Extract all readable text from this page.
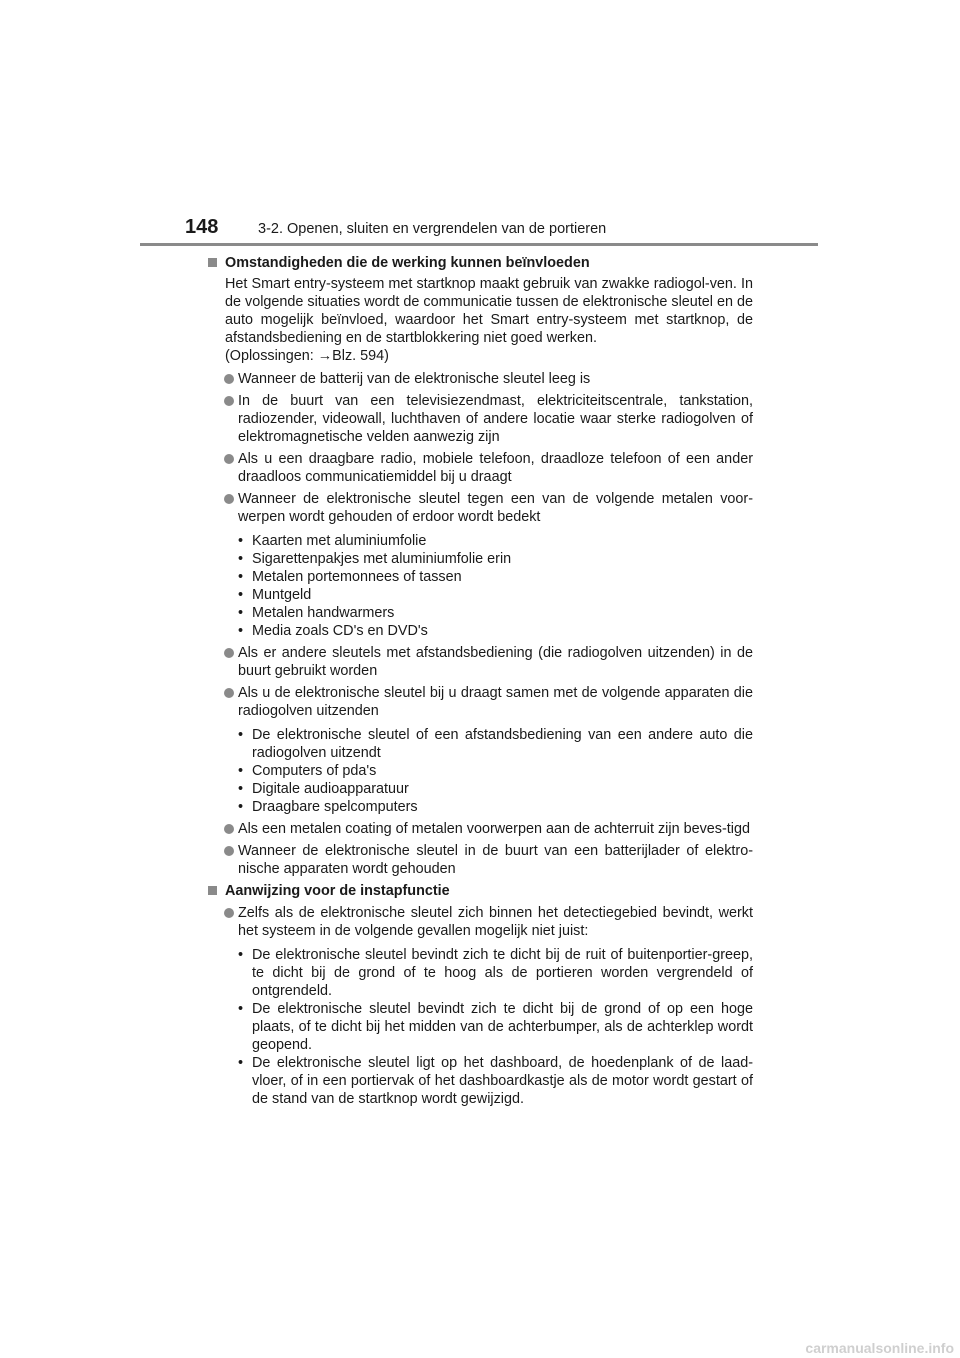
148	3-2. Openen, sluiten en vergrendelen van de portieren
Omstandigheden die de werking kunnen beïnvloeden
Het Smart entry-systeem met startknop maakt gebruik van zwakke radiogol-ven. In de volgende situaties wordt de communicatie tussen de elektronische sleutel en de auto mogelijk beïnvloed, waardoor het Smart entry-systeem met startknop, de afstandsbediening en de startblokkering niet goed werken.
(Oplossingen: →Blz. 594)
Wanneer de batterij van de elektronische sleutel leeg is
In de buurt van een televisiezendmast, elektriciteitscentrale, tankstation, radiozender, videowall, luchthaven of andere locatie waar sterke radiogolven of elektromagnetische velden aanwezig zijn
Als u een draagbare radio, mobiele telefoon, draadloze telefoon of een ander draadloos communicatiemiddel bij u draagt
Wanneer de elektronische sleutel tegen een van de volgende metalen voor-werpen wordt gehouden of erdoor wordt bedekt
• Kaarten met aluminiumfolie
• Sigarettenpakjes met aluminiumfolie erin
• Metalen portemonnees of tassen
• Muntgeld
• Metalen handwarmers
• Media zoals CD's en DVD's
Als er andere sleutels met afstandsbediening (die radiogolven uitzenden) in de buurt gebruikt worden
Als u de elektronische sleutel bij u draagt samen met de volgende apparaten die radiogolven uitzenden
• De elektronische sleutel of een afstandsbediening van een andere auto die radiogolven uitzendt
• Computers of pda's
• Digitale audioapparatuur
• Draagbare spelcomputers
Als een metalen coating of metalen voorwerpen aan de achterruit zijn beves-tigd
Wanneer de elektronische sleutel in de buurt van een batterijlader of elektro-nische apparaten wordt gehouden
Aanwijzing voor de instapfunctie
Zelfs als de elektronische sleutel zich binnen het detectiegebied bevindt, werkt het systeem in de volgende gevallen mogelijk niet juist:
• De elektronische sleutel bevindt zich te dicht bij de ruit of buitenportier-greep, te dicht bij de grond of te hoog als de portieren worden vergrendeld of ontgrendeld.
• De elektronische sleutel bevindt zich te dicht bij de grond of op een hoge plaats, of te dicht bij het midden van de achterbumper, als de achterklep wordt geopend.
• De elektronische sleutel ligt op het dashboard, de hoedenplank of de laad-vloer, of in een portiervak of het dashboardkastje als de motor wordt gestart of de stand van de startknop wordt gewijzigd.
carmanualsonline.info
